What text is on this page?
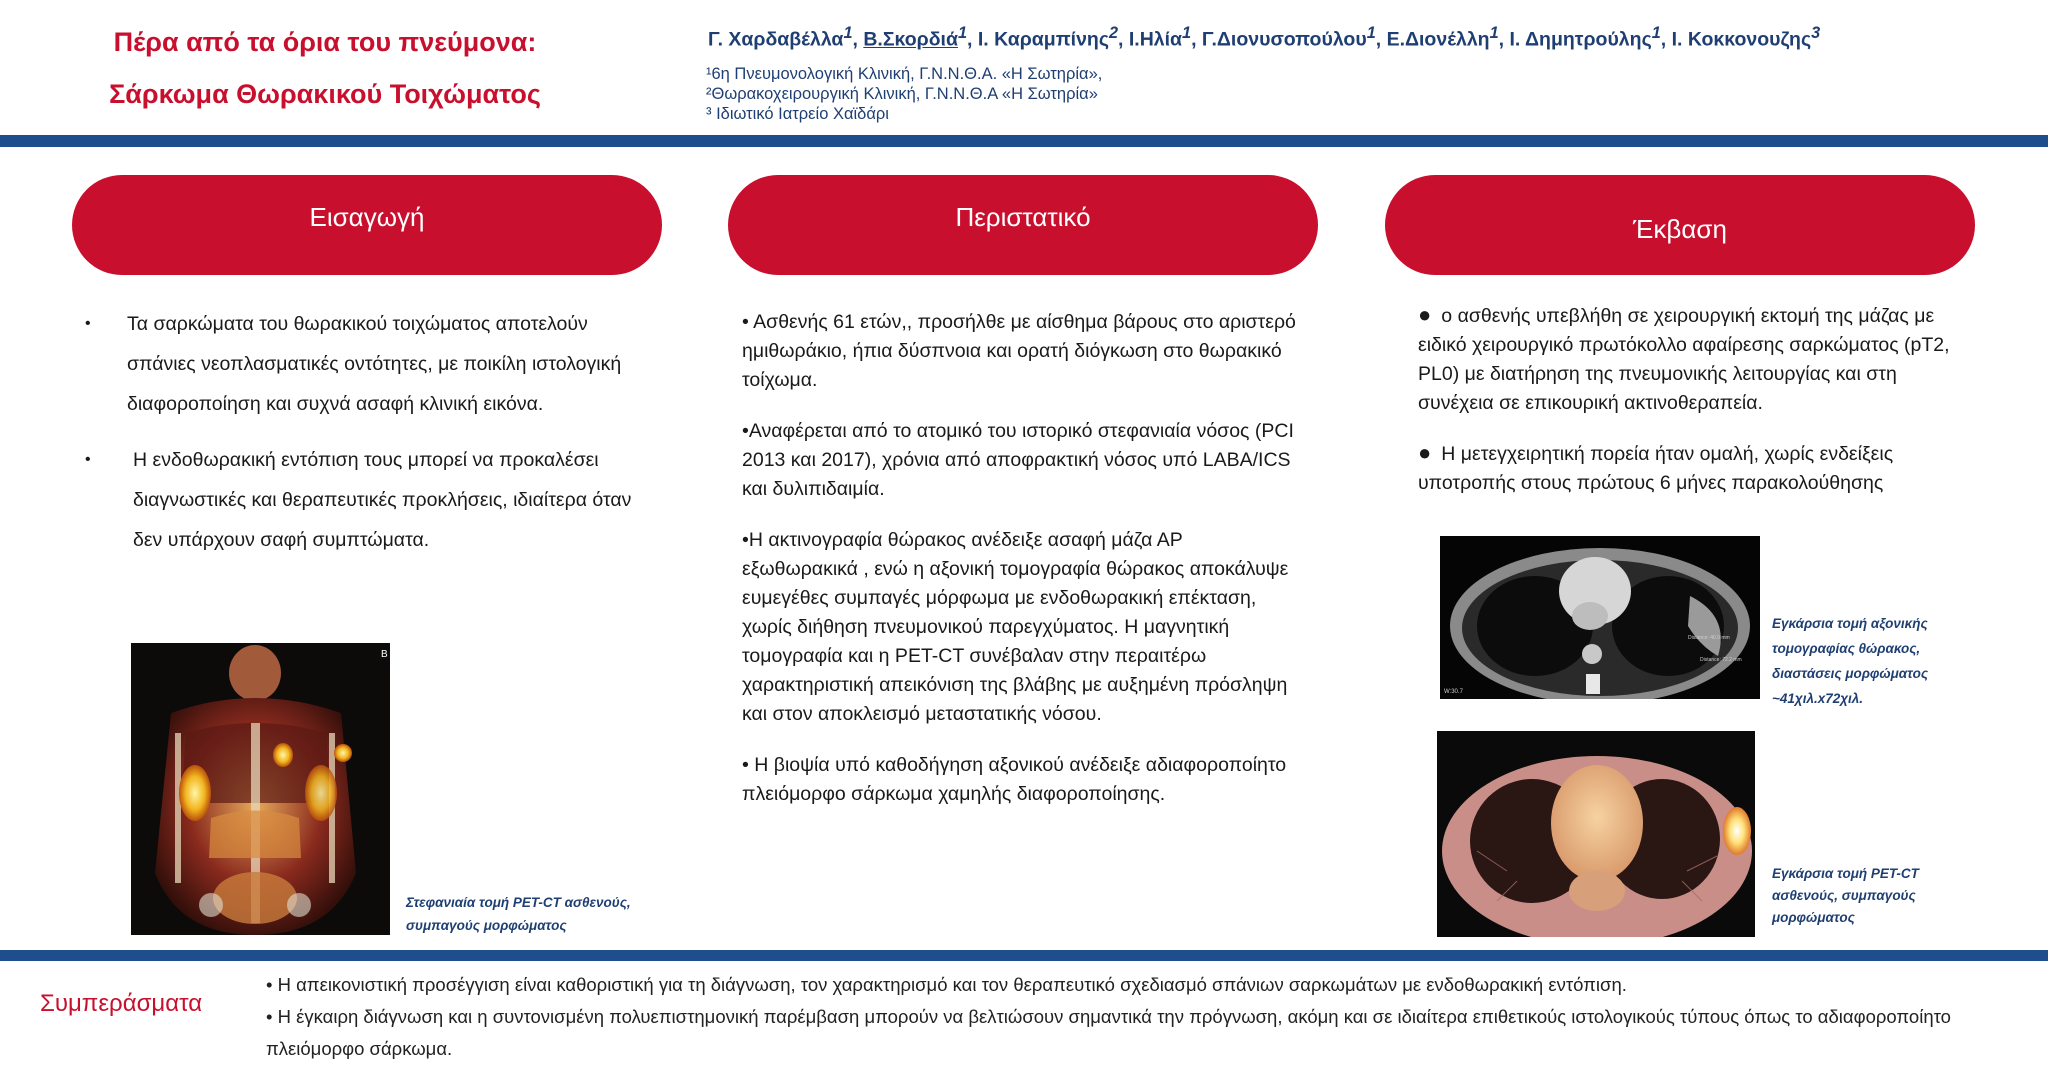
Πέρα από τα όρια του πνεύμονα:
Σάρκωμα Θωρακικού Τοιχώματος
Γ. Χαρδαβέλλα$^1$, Β.Σκορδιά$^1$, Ι. Καραμπίνης$^2$, Ι.Ηλία$^1$, Γ.Διονυσοπούλου$^1$, Ε.Διονέλλη$^1$, Ι. Δημητρούλης$^1$, Ι. Κοκκονουζης$^3$
¹6η Πνευμονολογική Κλινική, Γ.Ν.Ν.Θ.Α. «Η Σωτηρία»,
²Θωρακοχειρουργική Κλινική, Γ.Ν.Ν.Θ.Α «Η Σωτηρία»
³ Ιδιωτικό Ιατρείο Χαϊδάρι
Εισαγωγή	Περιστατικό	Έκβαση
• Τα σαρκώματα του θωρακικού τοιχώματος αποτελούν σπάνιες νεοπλασματικές οντότητες, με ποικίλη ιστολογική διαφοροποίηση και συχνά ασαφή κλινική εικόνα.
• Η ενδοθωρακική εντόπιση τους μπορεί να προκαλέσει διαγνωστικές και θεραπευτικές προκλήσεις, ιδιαίτερα όταν δεν υπάρχουν σαφή συμπτώματα.
B
Στεφανιαία τομή PET-CT ασθενούς, συμπαγούς μορφώματος

• Ασθενής 61 ετών,, προσήλθε με αίσθημα βάρους στο αριστερό ημιθωράκιο, ήπια δύσπνοια και ορατή διόγκωση στο θωρακικό τοίχωμα.

•Αναφέρεται από το ατομικό του ιστορικό στεφανιαία νόσος (PCI 2013 και 2017), χρόνια από αποφρακτική νόσος υπό LABA/ICS και δυλιπιδαιμία.

•Η ακτινογραφία θώρακος ανέδειξε ασαφή μάζα ΑΡ εξωθωρακικά , ενώ η αξονική τομογραφία θώρακος αποκάλυψε ευμεγέθες συμπαγές μόρφωμα με ενδοθωρακική επέκταση, χωρίς διήθηση πνευμονικού παρεγχύματος. Η μαγνητική τομογραφία και η PET-CT συνέβαλαν στην περαιτέρω χαρακτηριστική απεικόνιση της βλάβης με αυξημένη πρόσληψη και στον αποκλεισμό μεταστατικής νόσου.

• Η βιοψία υπό καθοδήγηση αξονικού ανέδειξε αδιαφοροποίητο πλειόμορφο σάρκωμα χαμηλής διαφοροποίησης.

● ο ασθενής υπεβλήθη σε χειρουργική εκτομή της μάζας με ειδικό χειρουργικό πρωτόκολλο αφαίρεσης σαρκώματος (pT2, PL0) με διατήρηση της πνευμονικής λειτουργίας και στη συνέχεια σε επικουρική ακτινοθεραπεία.

● Η μετεγχειρητική πορεία ήταν ομαλή, χωρίς ενδείξεις υποτροπής στους πρώτους 6 μήνες παρακολούθησης

Distance: 40.9 mm
Distance: 72.2 mm
W:30.7
Εγκάρσια τομή αξονικής τομογραφίας θώρακος, διαστάσεις μορφώματος ~41χιλ.x72χιλ.
Εγκάρσια τομή PET-CT ασθενούς, συμπαγούς μορφώματος
Συμπεράσματα

• Η απεικονιστική προσέγγιση είναι καθοριστική για τη διάγνωση, τον χαρακτηρισμό και τον θεραπευτικό σχεδιασμό σπάνιων σαρκωμάτων με ενδοθωρακική εντόπιση.

• Η έγκαιρη διάγνωση και η συντονισμένη πολυεπιστημονική παρέμβαση μπορούν να βελτιώσουν σημαντικά την πρόγνωση, ακόμη και σε ιδιαίτερα επιθετικούς ιστολογικούς τύπους όπως το αδιαφοροποίητο πλειόμορφο σάρκωμα.
